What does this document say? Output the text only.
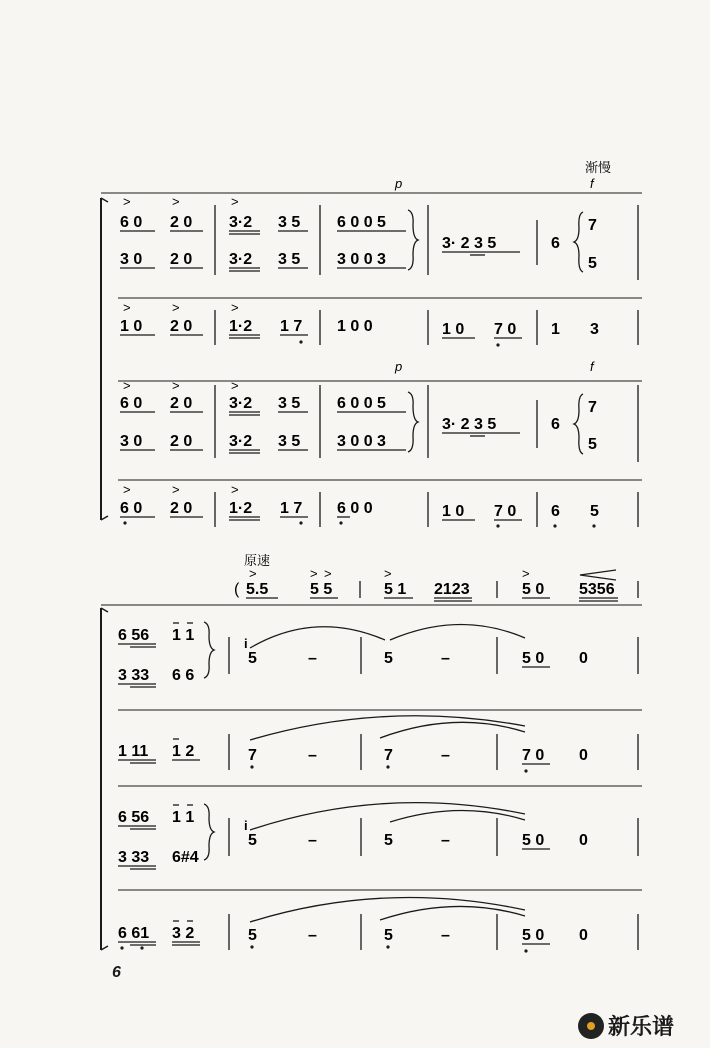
渐慢
p	f
>	>	>
6 0 2 0 3·2 3 5 6 0 0 5
3 0 2 0 3·2 3 5 3 0 0 3
3· 2 3 5	6
7
5
>	>	>
1 0 2 0 1·2 1 7 1 0 0	1 0 7 0 1 3
p	f
>	>	>
6 0 2 0 3·2 3 5 6 0 0 5
3 0 2 0 3·2 3 5 3 0 0 3
3· 2 3 5	6
7
5
>	>	>
6 0 2 0 1·2 1 7 6 0 0	1 0 7 0 6 5
原速
>	> >	>	>
( 5.5	5 5	5 1 2123	5 0 5356
6 56 1 1
3 33 6 6
i
5	–	5	–	5 0 0
1 11 1 2	7	–	7	–	7 0 0
6 56 1 1
3 33 6#4
i
5	–	5	–	5 0 0
6 61 3 2	5	–	5	–	5 0 0
6
新乐谱
